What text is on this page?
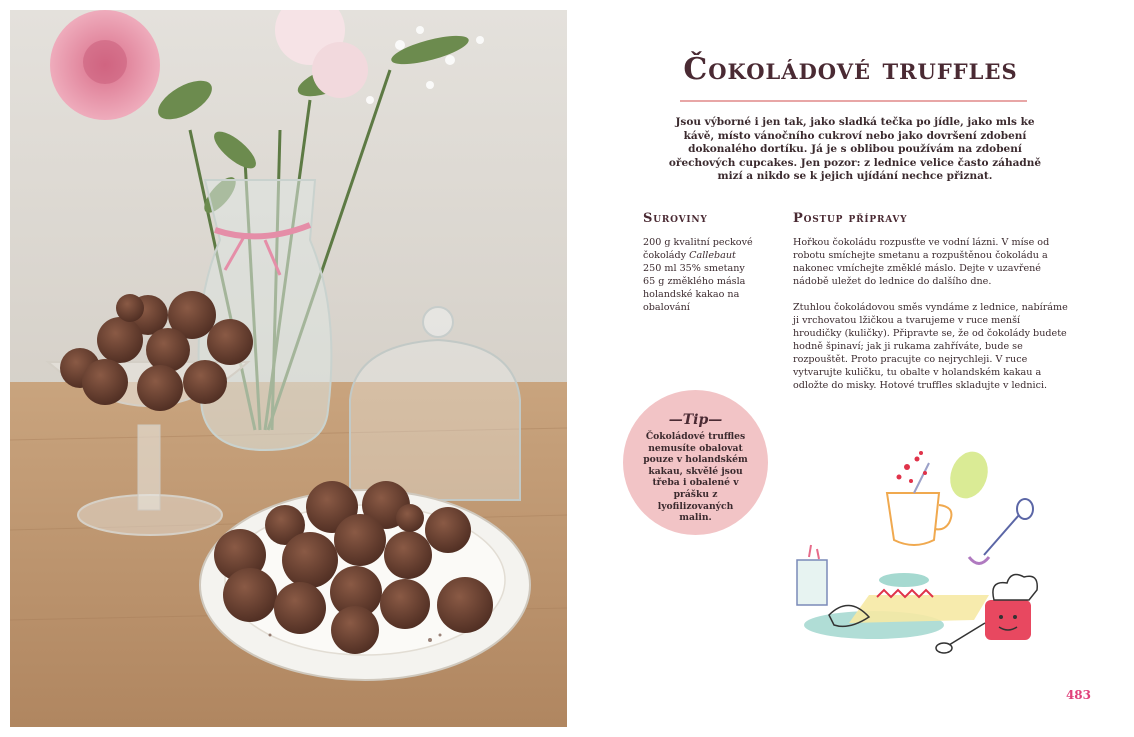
Čokoládové truffles

Jsou výborné i jen tak, jako sladká tečka po jídle, jako mls ke kávě, místo vánočního cukroví nebo jako dovršení zdobení dokonalého dortíku. Já je s oblibou používám na zdobení ořechových cupcakes. Jen pozor: z lednice velice často záhadně mizí a nikdo se k jejich ujídání nechce přiznat.

Suroviny
200 g kvalitní peckové čokolády Callebaut
250 ml 35% smetany
65 g změklého másla
holandské kakao na obalování
Postup přípravy

Hořkou čokoládu rozpusťte ve vodní lázni. V míse od robotu smíchejte smetanu a rozpuštěnou čokoládu a nakonec vmíchejte změklé máslo. Dejte v uzavřené nádobě uležet do lednice do dalšího dne.

Ztuhlou čokoládovou směs vyndáme z lednice, nabíráme ji vrchovatou lžičkou a tvarujeme v ruce menší hroudičky (kuličky). Připravte se, že od čokolády budete hodně špinaví; jak ji rukama zahříváte, bude se rozpouštět. Proto pracujte co nejrychleji. V ruce vytvarujte kuličku, tu obalte v holandském kakau a odložte do misky. Hotové truffles skladujte v lednici.

—Tip—

Čokoládové truffles nemusíte obalovat pouze v holandském kakau, skvělé jsou třeba i obalené v prášku z lyofilizovaných malin.

483
